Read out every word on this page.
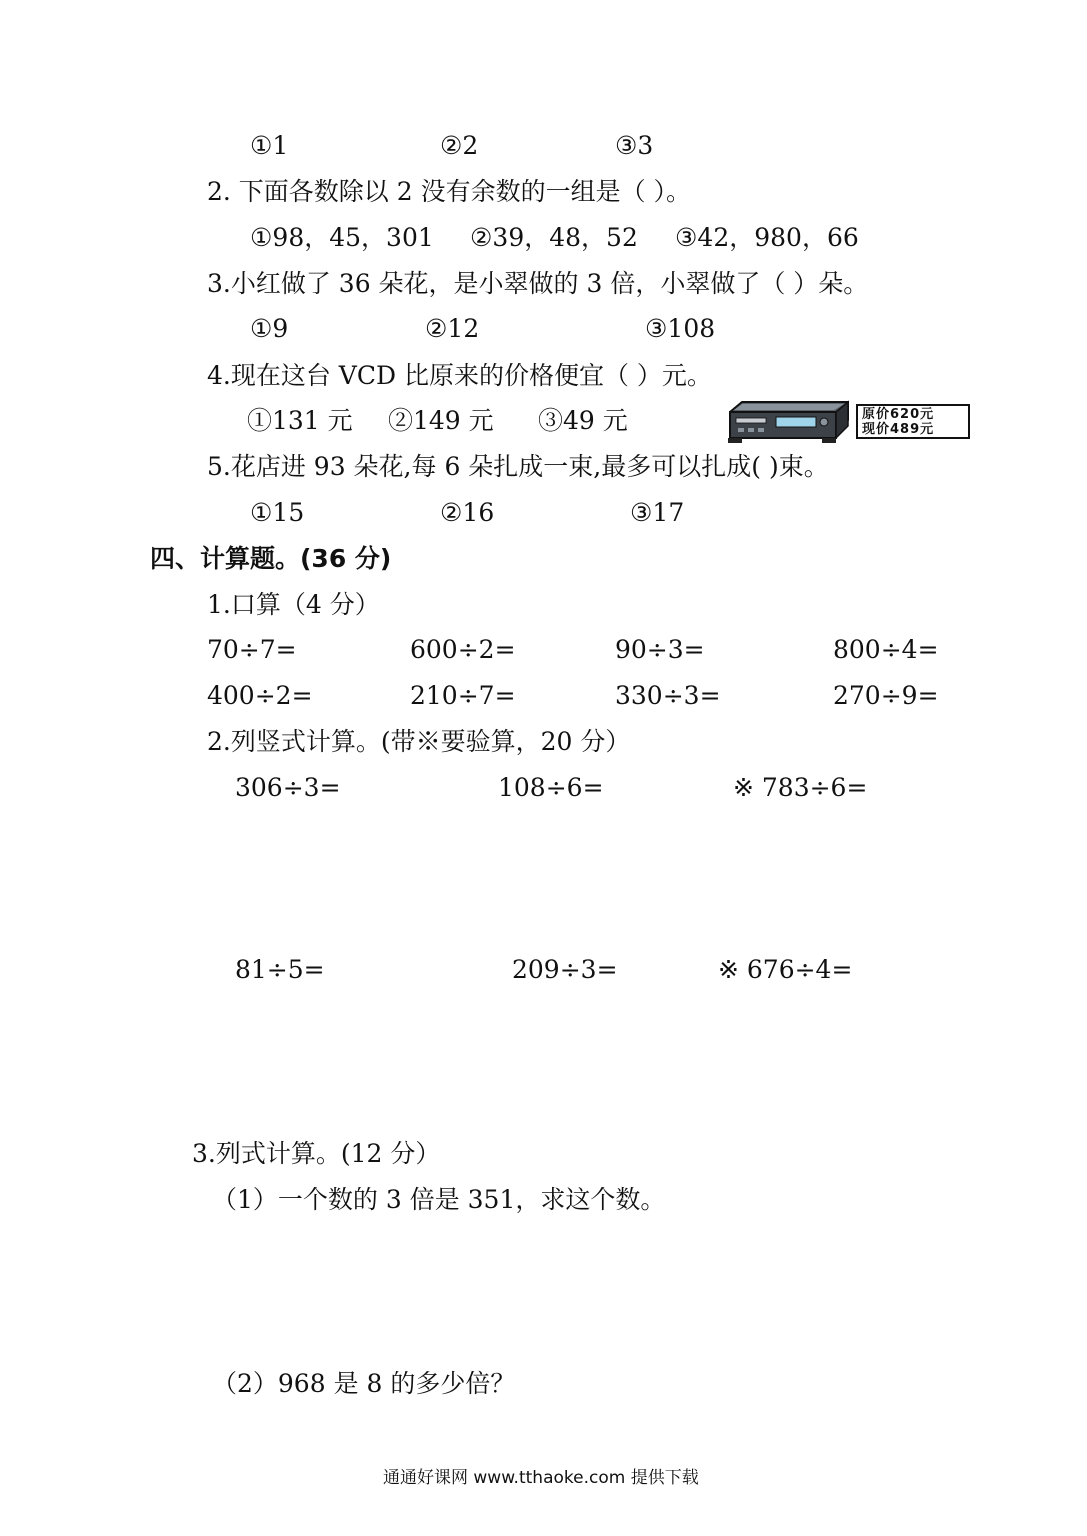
①1	②2	③3
2. 下面各数除以 2 没有余数的一组是（ ）。
①98，45，301 ②39，48，52 ③42，980，66
3.小红做了 36 朵花，是小翠做的 3 倍，小翠做了（ ）朵。
①9	②12	③108
4.现在这台 VCD 比原来的价格便宜（ ）元。
①131 元 ②149 元 ③49 元	原价620元
现价489元
5.花店进 93 朵花,每 6 朵扎成一束,最多可以扎成( )束。
①15	②16	③17
四、计算题。(36 分)
1.口算（4 分）
70÷7=	600÷2=	90÷3=	800÷4=
400÷2=	210÷7=	330÷3=	270÷9=
2.列竖式计算。(带※要验算，20 分）
306÷3=	108÷6=	※ 783÷6=
81÷5=	209÷3=	※ 676÷4=
3.列式计算。(12 分）
（1）一个数的 3 倍是 351，求这个数。
（2）968 是 8 的多少倍？
通通好课网 www.tthaoke.com 提供下载
